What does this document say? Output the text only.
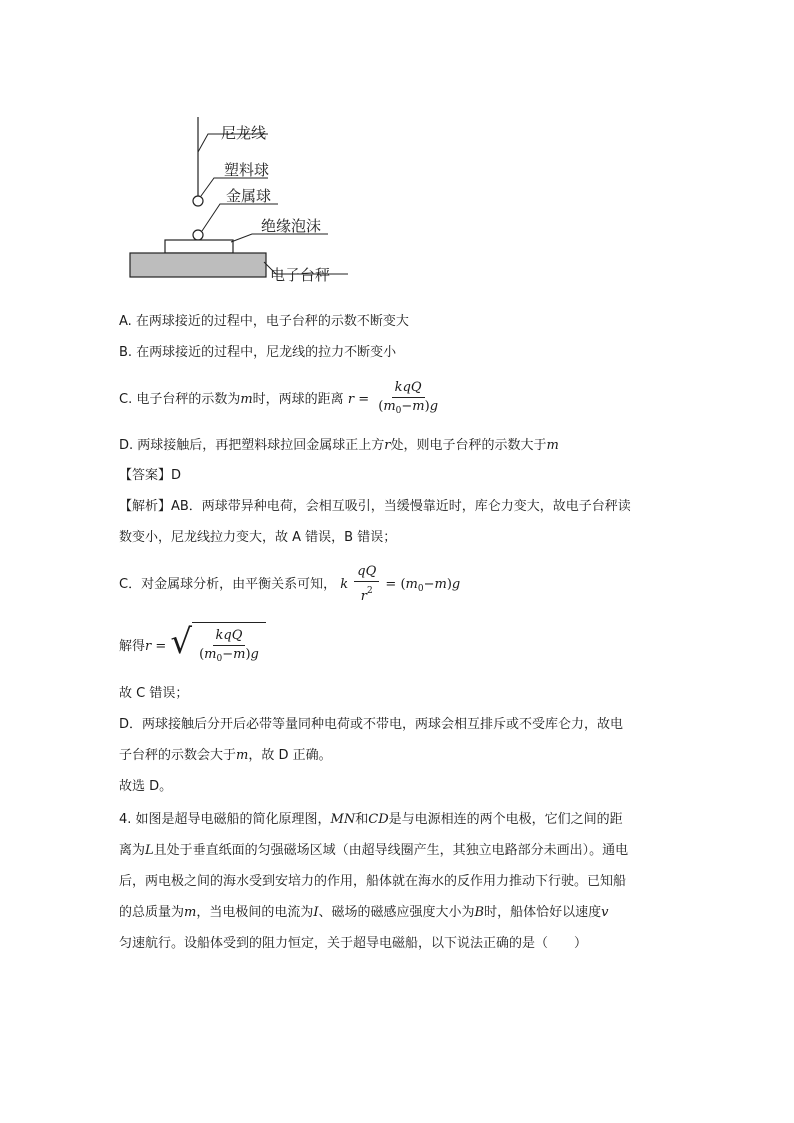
尼龙线
塑料球
金属球
绝缘泡沫
电子台秤
A. 在两球接近的过程中，电子台秤的示数不断变大
B. 在两球接近的过程中，尼龙线的拉力不断变小
C. 电子台秤的示数为m时，两球的距离 $r = \frac{\text{kqQ}}{(m_0-m)g}$
D. 两球接触后，再把塑料球拉回金属球正上方r处，则电子台秤的示数大于m
【答案】D
【解析】AB．两球带异种电荷，会相互吸引，当缓慢靠近时，库仑力变大，故电子台秤读
数变小，尼龙线拉力变大，故 A 错误，B 错误；
C．对金属球分析，由平衡关系可知， k $\frac{qQ}{r^2} = (m_0-m)g$
解得r = √ $\frac{\text{kqQ}}{(m_0-m)g}$
故 C 错误；
D．两球接触后分开后必带等量同种电荷或不带电，两球会相互排斥或不受库仑力，故电
子台秤的示数会大于m，故 D 正确。
故选 D。
4. 如图是超导电磁船的简化原理图，MN和CD是与电源相连的两个电极，它们之间的距
离为L且处于垂直纸面的匀强磁场区域（由超导线圈产生，其独立电路部分未画出）。通电
后，两电极之间的海水受到安培力的作用，船体就在海水的反作用力推动下行驶。已知船
的总质量为m，当电极间的电流为I、磁场的磁感应强度大小为B时，船体恰好以速度v
匀速航行。设船体受到的阻力恒定，关于超导电磁船，以下说法正确的是（　　）
